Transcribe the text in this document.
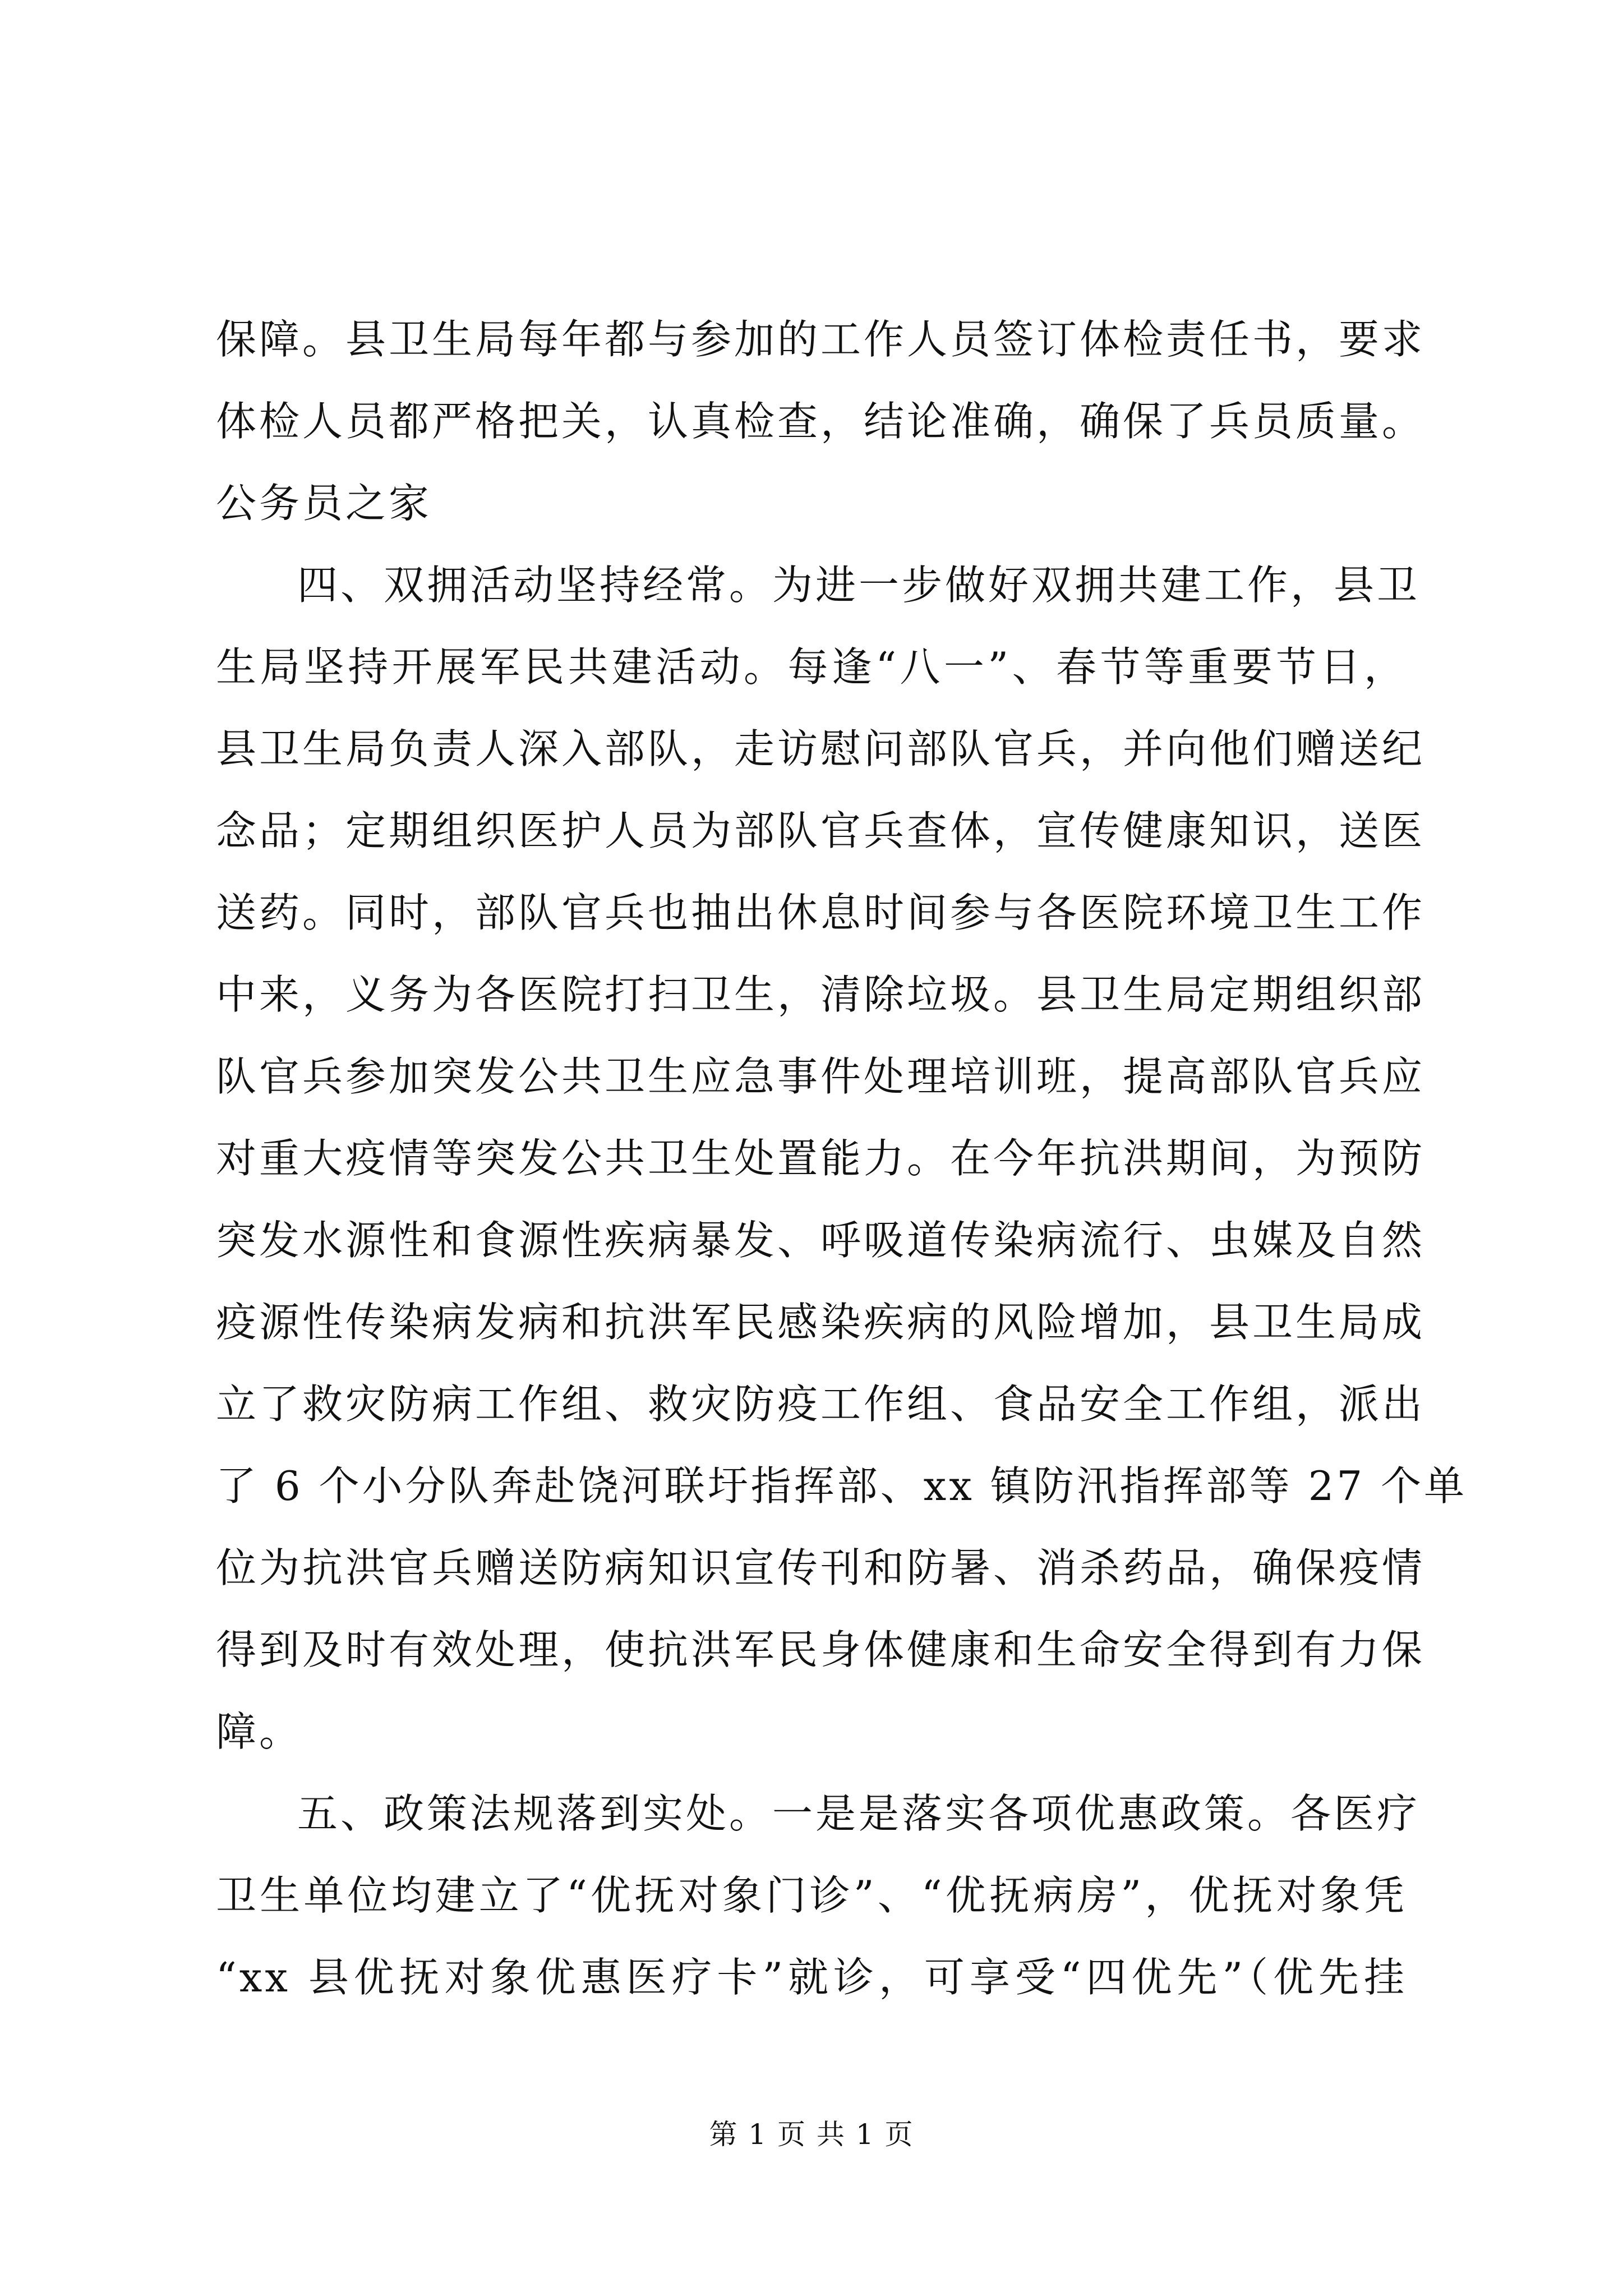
保障。县卫生局每年都与参加的工作人员签订体检责任书，要求
体检人员都严格把关，认真检查，结论准确，确保了兵员质量。
公务员之家
四、双拥活动坚持经常。为进一步做好双拥共建工作，县卫
生局坚持开展军民共建活动。每逢“八一”、春节等重要节日，
县卫生局负责人深入部队，走访慰问部队官兵，并向他们赠送纪
念品；定期组织医护人员为部队官兵查体，宣传健康知识，送医
送药。同时，部队官兵也抽出休息时间参与各医院环境卫生工作
中来，义务为各医院打扫卫生，清除垃圾。县卫生局定期组织部
队官兵参加突发公共卫生应急事件处理培训班，提高部队官兵应
对重大疫情等突发公共卫生处置能力。在今年抗洪期间，为预防
突发水源性和食源性疾病暴发、呼吸道传染病流行、虫媒及自然
疫源性传染病发病和抗洪军民感染疾病的风险增加，县卫生局成
立了救灾防病工作组、救灾防疫工作组、食品安全工作组，派出
了 6 个小分队奔赴饶河联圩指挥部、xx 镇防汛指挥部等 27 个单
位为抗洪官兵赠送防病知识宣传刊和防暑、消杀药品，确保疫情
得到及时有效处理，使抗洪军民身体健康和生命安全得到有力保
障。
五、政策法规落到实处。一是是落实各项优惠政策。各医疗
卫生单位均建立了“优抚对象门诊”、“优抚病房”，优抚对象凭
“xx 县优抚对象优惠医疗卡”就诊，可享受“四优先”（优先挂
第 1 页 共 1 页
